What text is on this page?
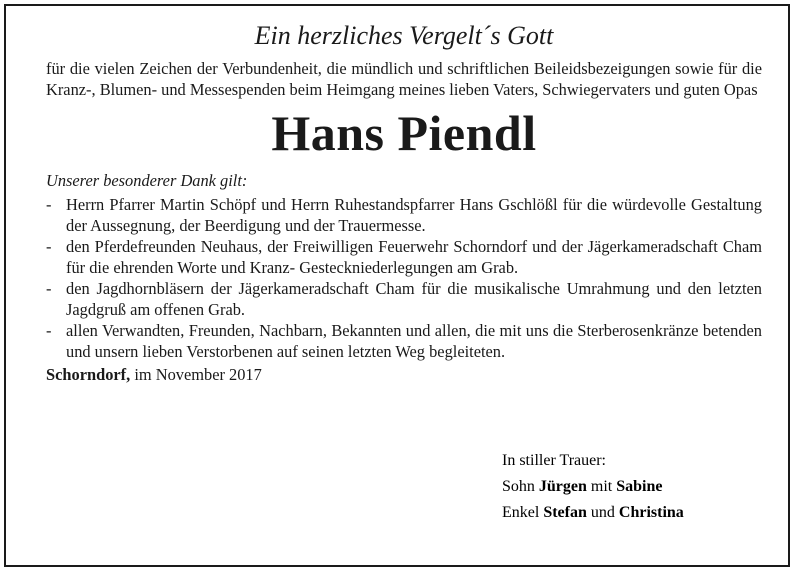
Ein herzliches Vergelt´s Gott

für die vielen Zeichen der Verbundenheit, die mündlich und schriftlichen Beileidsbezeigungen sowie für die Kranz-, Blumen- und Messespenden beim Heimgang meines lieben Vaters, Schwiegervaters und guten Opas

Hans Piendl

Unserer besonderer Dank gilt:

- Herrn Pfarrer Martin Schöpf und Herrn Ruhestandspfarrer Hans Gschlößl für die würdevolle Gestaltung der Aussegnung, der Beerdigung und der Trauermesse.
- den Pferdefreunden Neuhaus, der Freiwilligen Feuerwehr Schorndorf und der Jägerkameradschaft Cham für die ehrenden Worte und Kranz- Gesteckniederlegungen am Grab.
- den Jagdhornbläsern der Jägerkameradschaft Cham für die musikalische Umrahmung und den letzten Jagdgruß am offenen Grab.
- allen Verwandten, Freunden, Nachbarn, Bekannten und allen, die mit uns die Sterberosenkränze betenden und unsern lieben Verstorbenen auf seinen letzten Weg begleiteten.
Schorndorf, im November 2017
In stiller Trauer:
Sohn Jürgen mit Sabine
Enkel Stefan und Christina
